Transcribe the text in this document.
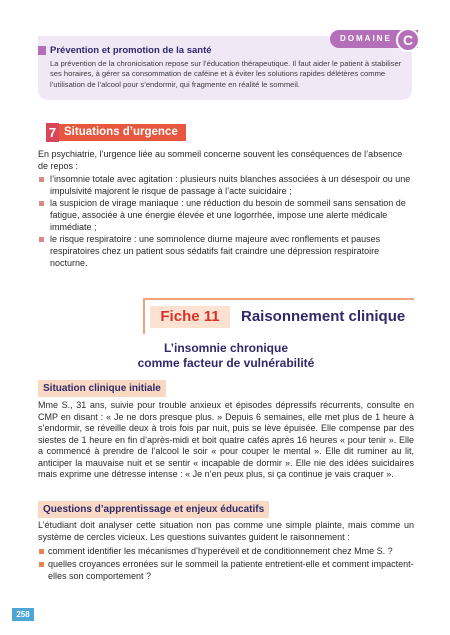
DOMAINE C
Prévention et promotion de la santé
La prévention de la chronicisation repose sur l’éducation thérapeutique. Il faut aider le patient à stabiliser ses horaires, à gérer sa consommation de caféine et à éviter les solutions rapides délétères comme l’utilisation de l’alcool pour s’endormir, qui fragmente en réalité le sommeil.
7 Situations d’urgence
En psychiatrie, l’urgence liée au sommeil concerne souvent les conséquences de l’absence de repos :
l’insomnie totale avec agitation : plusieurs nuits blanches associées à un désespoir ou une impulsivité majorent le risque de passage à l’acte suicidaire ;
la suspicion de virage maniaque : une réduction du besoin de sommeil sans sensation de fatigue, associée à une énergie élevée et une logorrhée, impose une alerte médicale immédiate ;
le risque respiratoire : une somnolence diurne majeure avec ronflements et pauses respiratoires chez un patient sous sédatifs fait craindre une dépression respiratoire nocturne.
Fiche 11	Raisonnement clinique
L’insomnie chronique
comme facteur de vulnérabilité
Situation clinique initiale
Mme S., 31 ans, suivie pour trouble anxieux et épisodes dépressifs récurrents, consulte en CMP en disant : « Je ne dors presque plus. » Depuis 6 semaines, elle met plus de 1 heure à s’endormir, se réveille deux à trois fois par nuit, puis se lève épuisée. Elle compense par des siestes de 1 heure en fin d’après-midi et boit quatre cafés après 16 heures « pour tenir ». Elle a commencé à prendre de l’alcool le soir « pour couper le mental ». Elle dit ruminer au lit, anticiper la mauvaise nuit et se sentir « incapable de dormir ». Elle nie des idées suicidaires mais exprime une détresse intense : « Je n’en peux plus, si ça continue je vais craquer ».
Questions d’apprentissage et enjeux éducatifs
L’étudiant doit analyser cette situation non pas comme une simple plainte, mais comme un système de cercles vicieux. Les questions suivantes guident le raisonnement :
comment identifier les mécanismes d’hyperéveil et de conditionnement chez Mme S. ?
quelles croyances erronées sur le sommeil la patiente entretient-elle et comment impactent-elles son comportement ?
258
